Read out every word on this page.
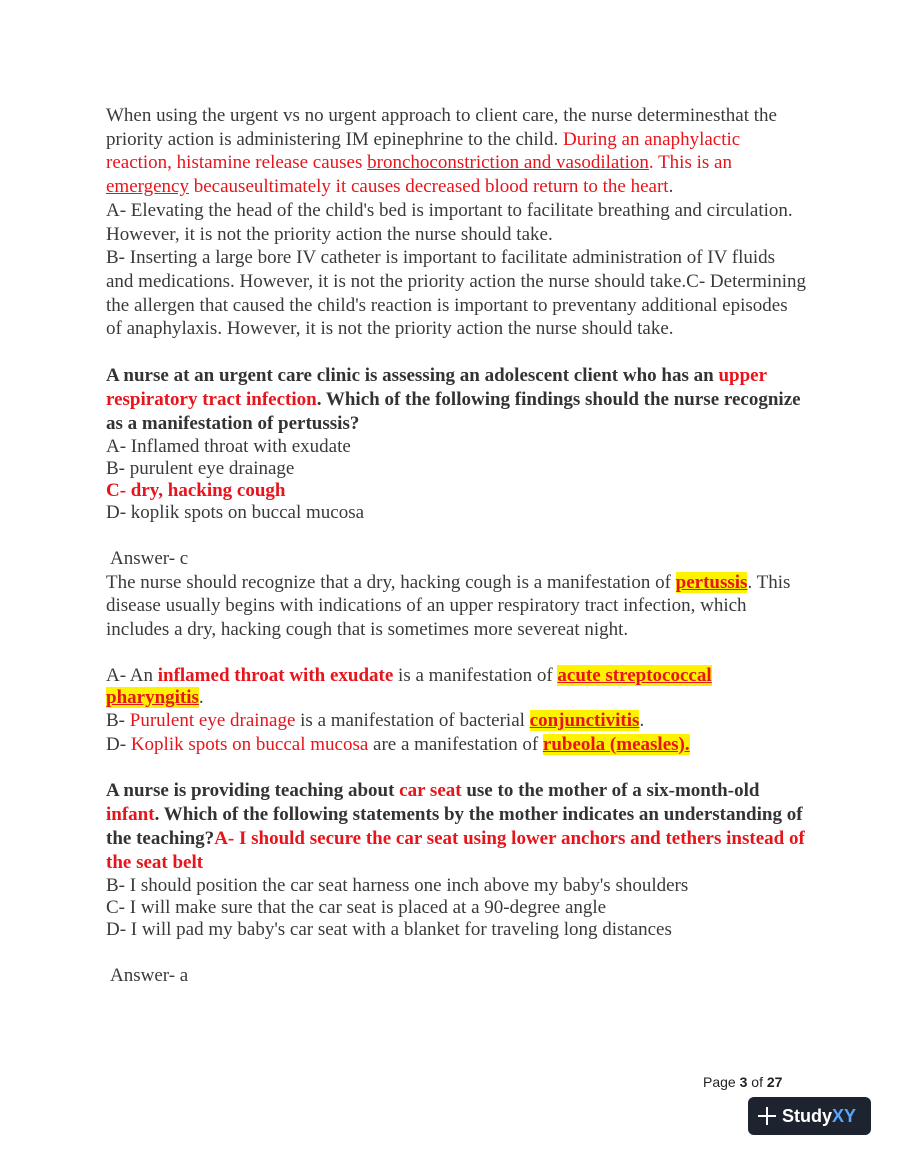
When using the urgent vs no urgent approach to client care, the nurse determinesthat the priority action is administering IM epinephrine to the child. During an anaphylactic reaction, histamine release causes bronchoconstriction and vasodilation. This is an emergency becauseultimately it causes decreased blood return to the heart.
A- Elevating the head of the child's bed is important to facilitate breathing and circulation. However, it is not the priority action the nurse should take.
B- Inserting a large bore IV catheter is important to facilitate administration of IV fluids and medications. However, it is not the priority action the nurse should take.C- Determining the allergen that caused the child's reaction is important to preventany additional episodes of anaphylaxis. However, it is not the priority action the nurse should take.
A nurse at an urgent care clinic is assessing an adolescent client who has an upper respiratory tract infection. Which of the following findings should the nurse recognize as a manifestation of pertussis?
A- Inflamed throat with exudate
B- purulent eye drainage
C- dry, hacking cough
D- koplik spots on buccal mucosa
Answer- c
The nurse should recognize that a dry, hacking cough is a manifestation of pertussis. This disease usually begins with indications of an upper respiratory tract infection, which includes a dry, hacking cough that is sometimes more severeat night.
A- An inflamed throat with exudate is a manifestation of acute streptococcal pharyngitis.
B- Purulent eye drainage is a manifestation of bacterial conjunctivitis.
D- Koplik spots on buccal mucosa are a manifestation of rubeola (measles).
A nurse is providing teaching about car seat use to the mother of a six-month-old infant. Which of the following statements by the mother indicates an understanding of the teaching?A- I should secure the car seat using lower anchors and tethers instead of the seat belt
B- I should position the car seat harness one inch above my baby's shoulders
C- I will make sure that the car seat is placed at a 90-degree angle
D- I will pad my baby's car seat with a blanket for traveling long distances
Answer- a
Page 3 of 27
StudyXY
